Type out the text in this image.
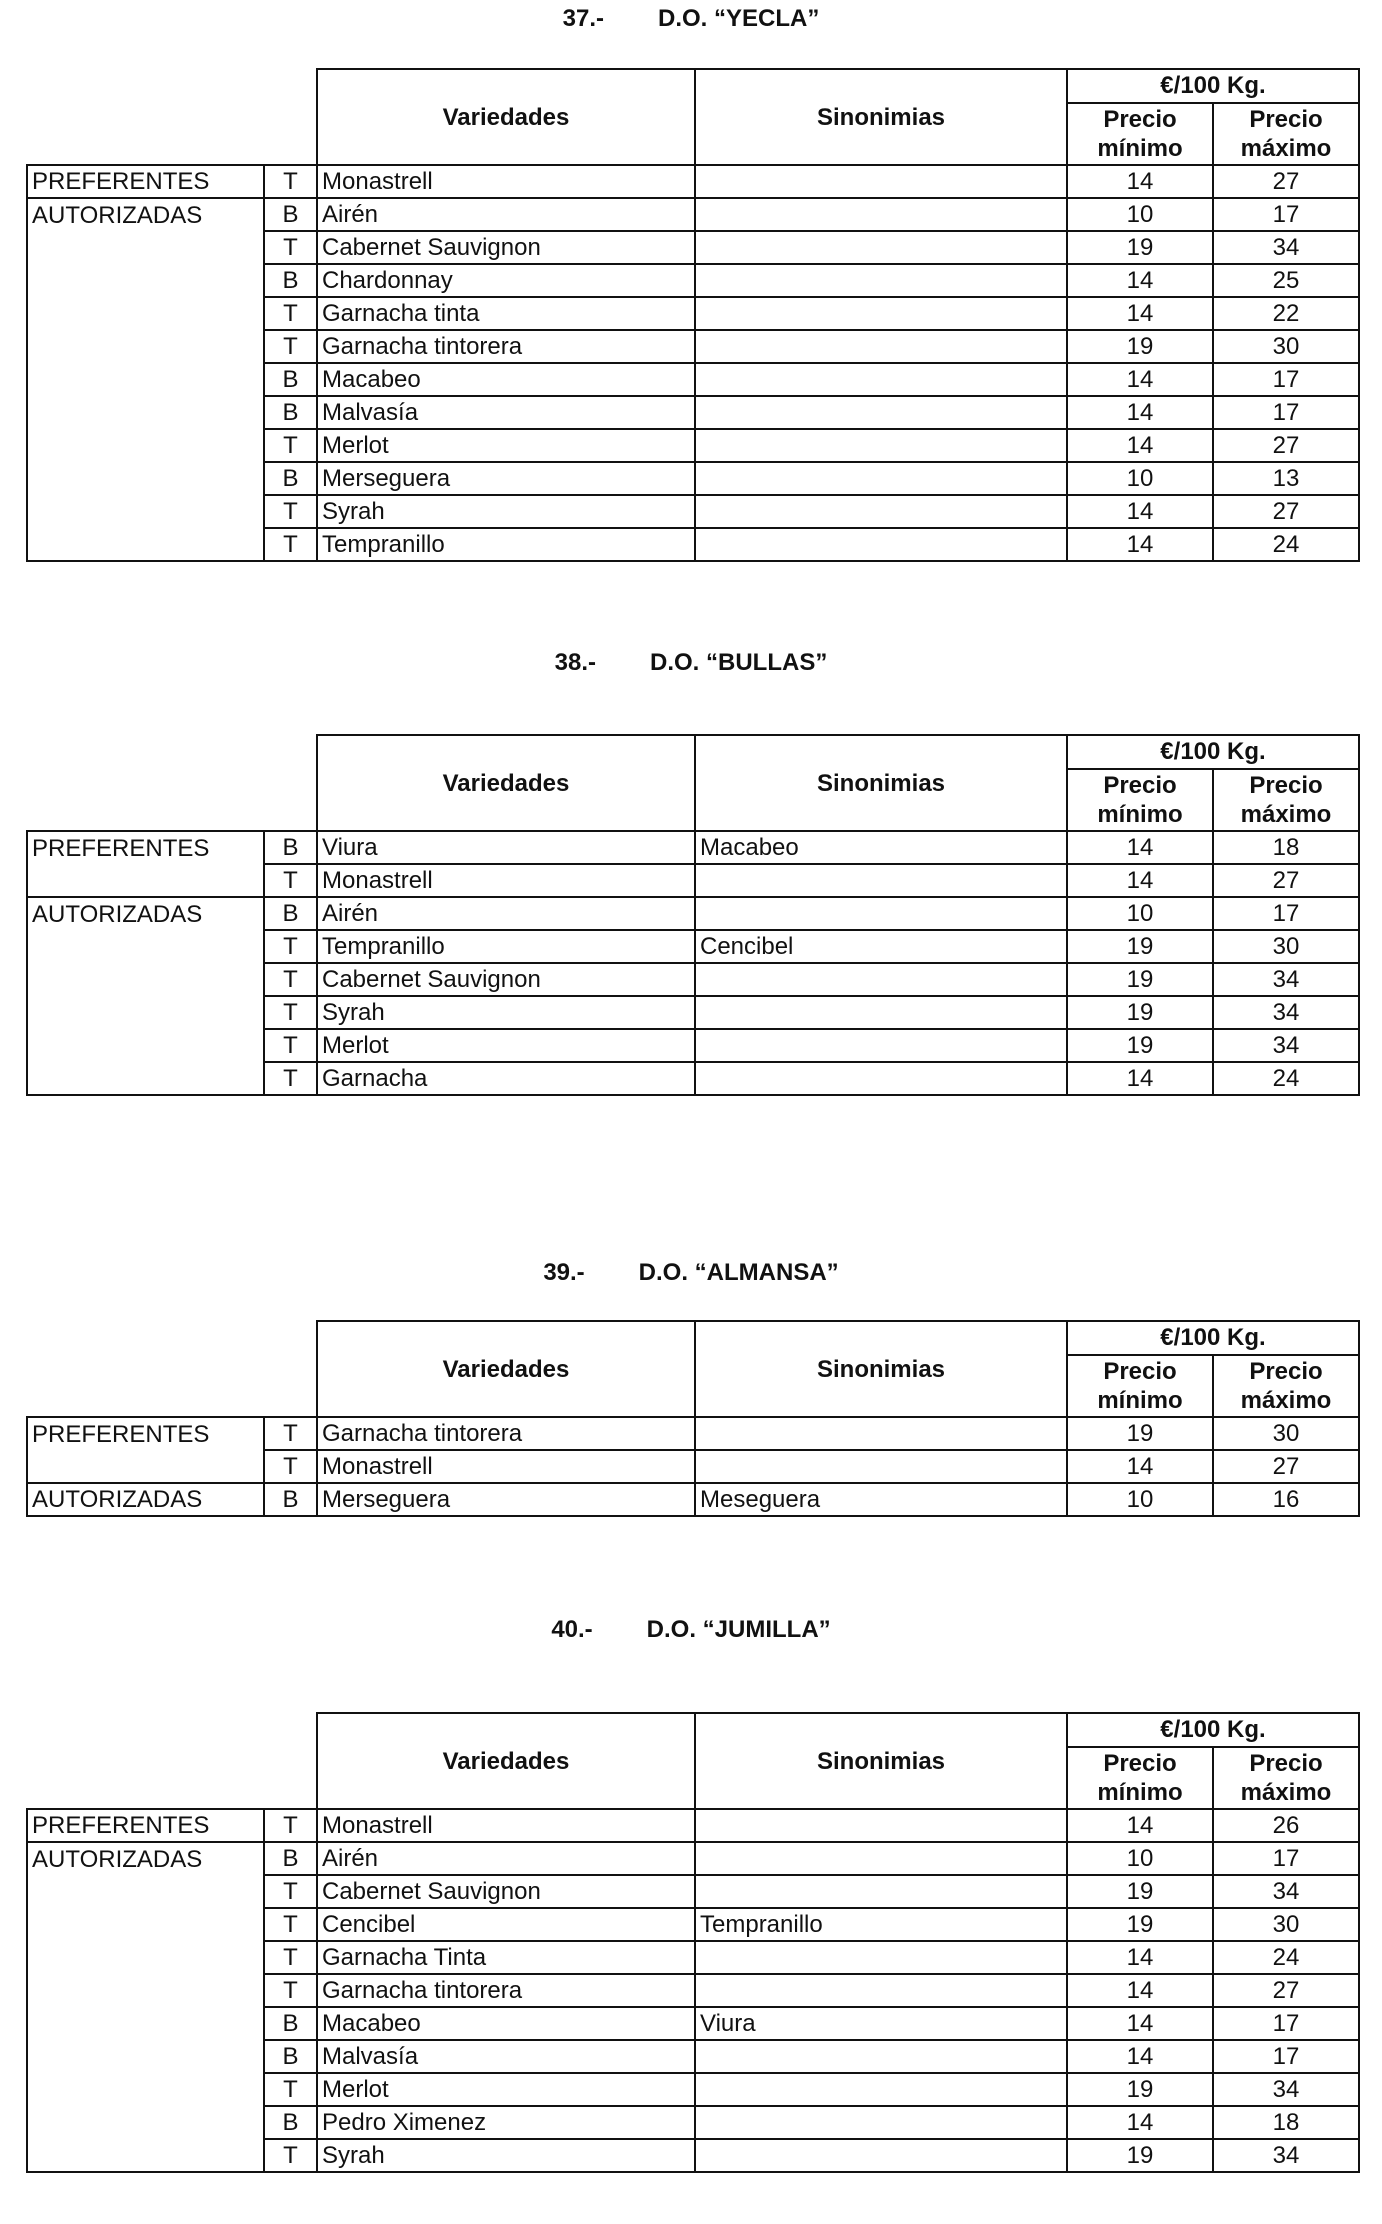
37.- D.O. “YECLA”
		Variedades	Sinonimias	€/100 Kg.	
				Precio
mínimo	Precio
máximo
PREFERENTES	T	Monastrell		14	27
AUTORIZADAS	B	Airén		10	17
	T	Cabernet Sauvignon		19	34
	B	Chardonnay		14	25
	T	Garnacha tinta		14	22
	T	Garnacha tintorera		19	30
	B	Macabeo		14	17
	B	Malvasía		14	17
	T	Merlot		14	27
	B	Merseguera		10	13
	T	Syrah		14	27
	T	Tempranillo		14	24
38.- D.O. “BULLAS”
		Variedades	Sinonimias	€/100 Kg.	
				Precio
mínimo	Precio
máximo
PREFERENTES	B	Viura	Macabeo	14	18
	T	Monastrell		14	27
AUTORIZADAS	B	Airén		10	17
	T	Tempranillo	Cencibel	19	30
	T	Cabernet Sauvignon		19	34
	T	Syrah		19	34
	T	Merlot		19	34
	T	Garnacha		14	24
39.- D.O. “ALMANSA”
		Variedades	Sinonimias	€/100 Kg.	
				Precio
mínimo	Precio
máximo
PREFERENTES	T	Garnacha tintorera		19	30
	T	Monastrell		14	27
AUTORIZADAS	B	Merseguera	Meseguera	10	16
40.- D.O. “JUMILLA”
		Variedades	Sinonimias	€/100 Kg.	
				Precio
mínimo	Precio
máximo
PREFERENTES	T	Monastrell		14	26
AUTORIZADAS	B	Airén		10	17
	T	Cabernet Sauvignon		19	34
	T	Cencibel	Tempranillo	19	30
	T	Garnacha Tinta		14	24
	T	Garnacha tintorera		14	27
	B	Macabeo	Viura	14	17
	B	Malvasía		14	17
	T	Merlot		19	34
	B	Pedro Ximenez		14	18
	T	Syrah		19	34
